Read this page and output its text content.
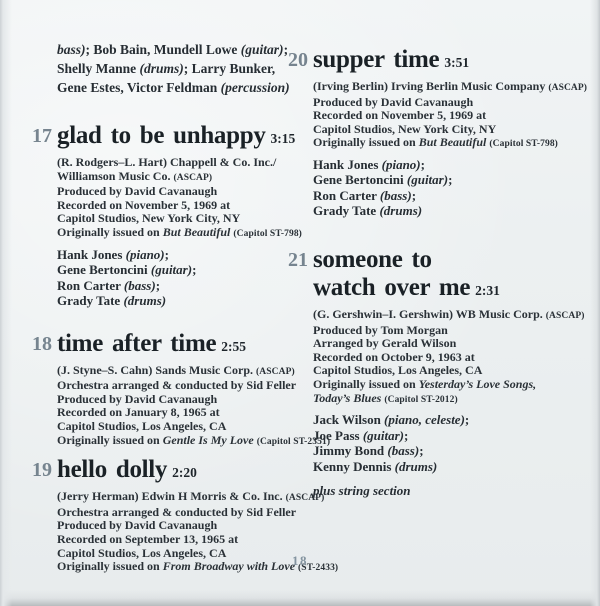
bass); Bob Bain, Mundell Lowe (guitar);

Shelly Manne (drums); Larry Bunker,

Gene Estes, Victor Feldman (percussion)

17 glad to be unhappy 3:15

(R. Rodgers–L. Hart) Chappell & Co. Inc./

Williamson Music Co. (ASCAP)

Produced by David Cavanaugh

Recorded on November 5, 1969 at

Capitol Studios, New York City, NY

Originally issued on But Beautiful (Capitol ST-798)

Hank Jones (piano);

Gene Bertoncini (guitar);

Ron Carter (bass);

Grady Tate (drums)

18 time after time 2:55

(J. Styne–S. Cahn) Sands Music Corp. (ASCAP)

Orchestra arranged & conducted by Sid Feller

Produced by David Cavanaugh

Recorded on January 8, 1965 at

Capitol Studios, Los Angeles, CA

Originally issued on Gentle Is My Love (Capitol ST-2351)

19 hello dolly 2:20

(Jerry Herman) Edwin H Morris & Co. Inc. (ASCAP)

Orchestra arranged & conducted by Sid Feller

Produced by David Cavanaugh

Recorded on September 13, 1965 at

Capitol Studios, Los Angeles, CA

Originally issued on From Broadway with Love (ST-2433)

20 supper time 3:51

(Irving Berlin) Irving Berlin Music Company (ASCAP)

Produced by David Cavanaugh

Recorded on November 5, 1969 at

Capitol Studios, New York City, NY

Originally issued on But Beautiful (Capitol ST-798)

Hank Jones (piano);

Gene Bertoncini (guitar);

Ron Carter (bass);

Grady Tate (drums)

21 someone to
watch over me 2:31

(G. Gershwin–I. Gershwin) WB Music Corp. (ASCAP)

Produced by Tom Morgan

Arranged by Gerald Wilson

Recorded on October 9, 1963 at

Capitol Studios, Los Angeles, CA

Originally issued on Yesterday’s Love Songs,

Today’s Blues (Capitol ST-2012)

Jack Wilson (piano, celeste);

Joe Pass (guitar);

Jimmy Bond (bass);

Kenny Dennis (drums)

plus string section

18
